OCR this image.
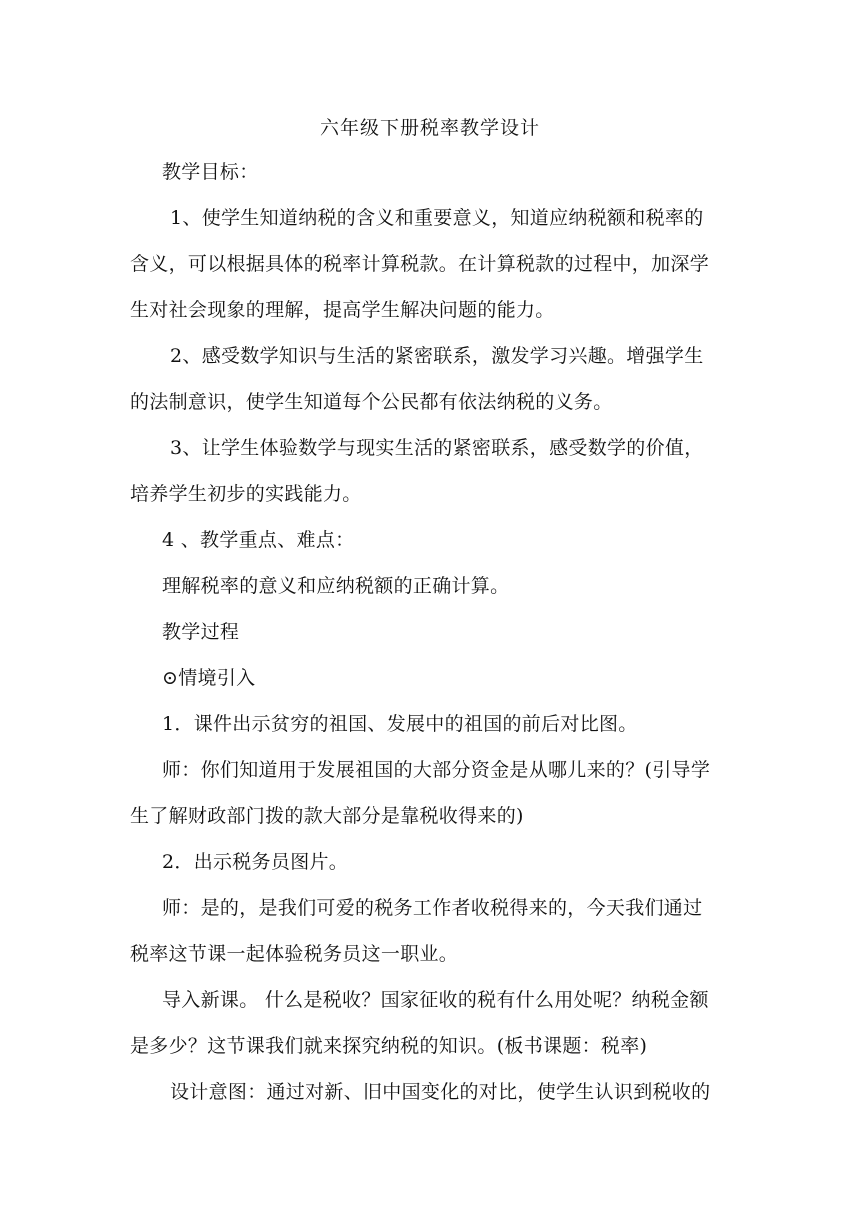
六年级下册税率教学设计
教学目标：
1、使学生知道纳税的含义和重要意义，知道应纳税额和税率的
含义，可以根据具体的税率计算税款。在计算税款的过程中，加深学
生对社会现象的理解，提高学生解决问题的能力。
2、感受数学知识与生活的紧密联系，激发学习兴趣。增强学生
的法制意识，使学生知道每个公民都有依法纳税的义务。
3、让学生体验数学与现实生活的紧密联系，感受数学的价值，
培养学生初步的实践能力。
4 、教学重点、难点：
理解税率的意义和应纳税额的正确计算。
教学过程
⊙情境引入
1．课件出示贫穷的祖国、发展中的祖国的前后对比图。
师：你们知道用于发展祖国的大部分资金是从哪儿来的？(引导学
生了解财政部门拨的款大部分是靠税收得来的)
2．出示税务员图片。
师：是的，是我们可爱的税务工作者收税得来的，今天我们通过
税率这节课一起体验税务员这一职业。
导入新课。 什么是税收？国家征收的税有什么用处呢？纳税金额
是多少？这节课我们就来探究纳税的知识。(板书课题：税率)
设计意图：通过对新、旧中国变化的对比，使学生认识到税收的
